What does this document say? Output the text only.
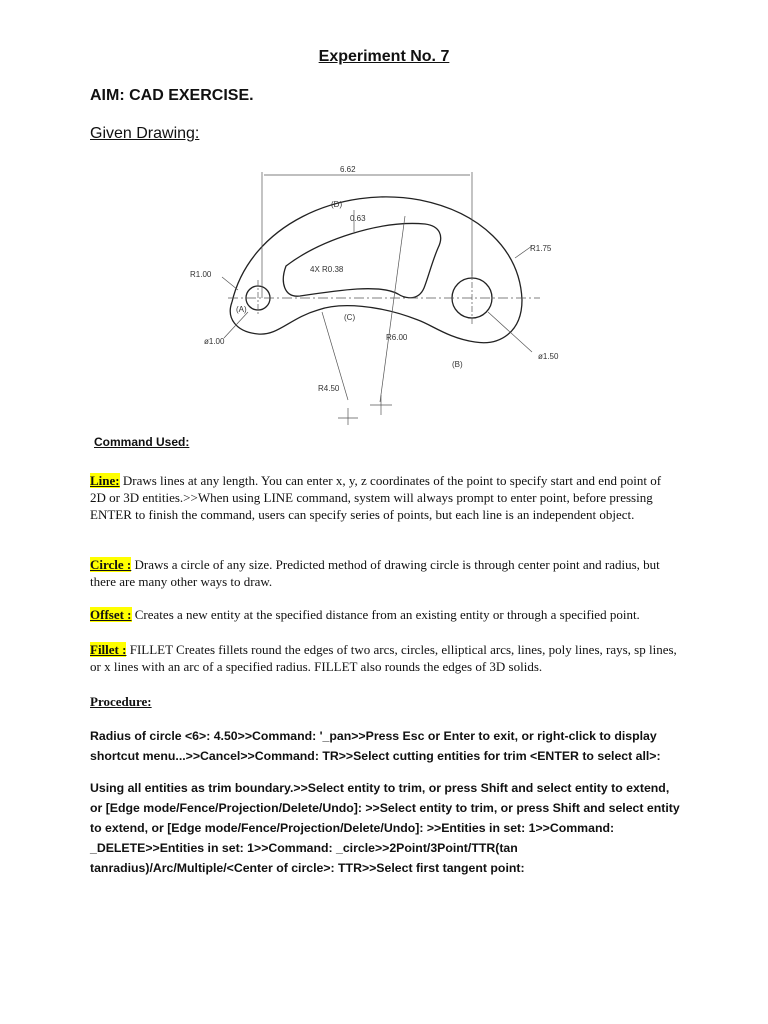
Experiment No. 7
AIM: CAD EXERCISE.
Given Drawing:
6.62
(D)
0.63
R1.75
R1.00
4X R0.38
(A)
(C)
ø1.00	R6.00
ø1.50
(B)
R4.50
Command Used:
Line: Draws lines at any length. You can enter x, y, z coordinates of the point to specify start and end point of 2D or 3D entities.>>When using LINE command, system will always prompt to enter point, before pressing ENTER to finish the command, users can specify series of points, but each line is an independent object.
Circle : Draws a circle of any size. Predicted method of drawing circle is through center point and radius, but there are many other ways to draw.
Offset : Creates a new entity at the specified distance from an existing entity or through a specified point.
Fillet : FILLET Creates fillets round the edges of two arcs, circles, elliptical arcs, lines, poly lines, rays, sp lines, or x lines with an arc of a specified radius. FILLET also rounds the edges of 3D solids.
Procedure:
Radius of circle <6>: 4.50>>Command: '_pan>>Press Esc or Enter to exit, or right-click to display shortcut menu...>>Cancel>>Command: TR>>Select cutting entities for trim <ENTER to select all>:
Using all entities as trim boundary.>>Select entity to trim, or press Shift and select entity to extend, or [Edge mode/Fence/Projection/Delete/Undo]: >>Select entity to trim, or press Shift and select entity to extend, or [Edge mode/Fence/Projection/Delete/Undo]: >>Entities in set: 1>>Command: _DELETE>>Entities in set: 1>>Command: _circle>>2Point/3Point/TTR(tan tanradius)/Arc/Multiple/<Center of circle>: TTR>>Select first tangent point:
